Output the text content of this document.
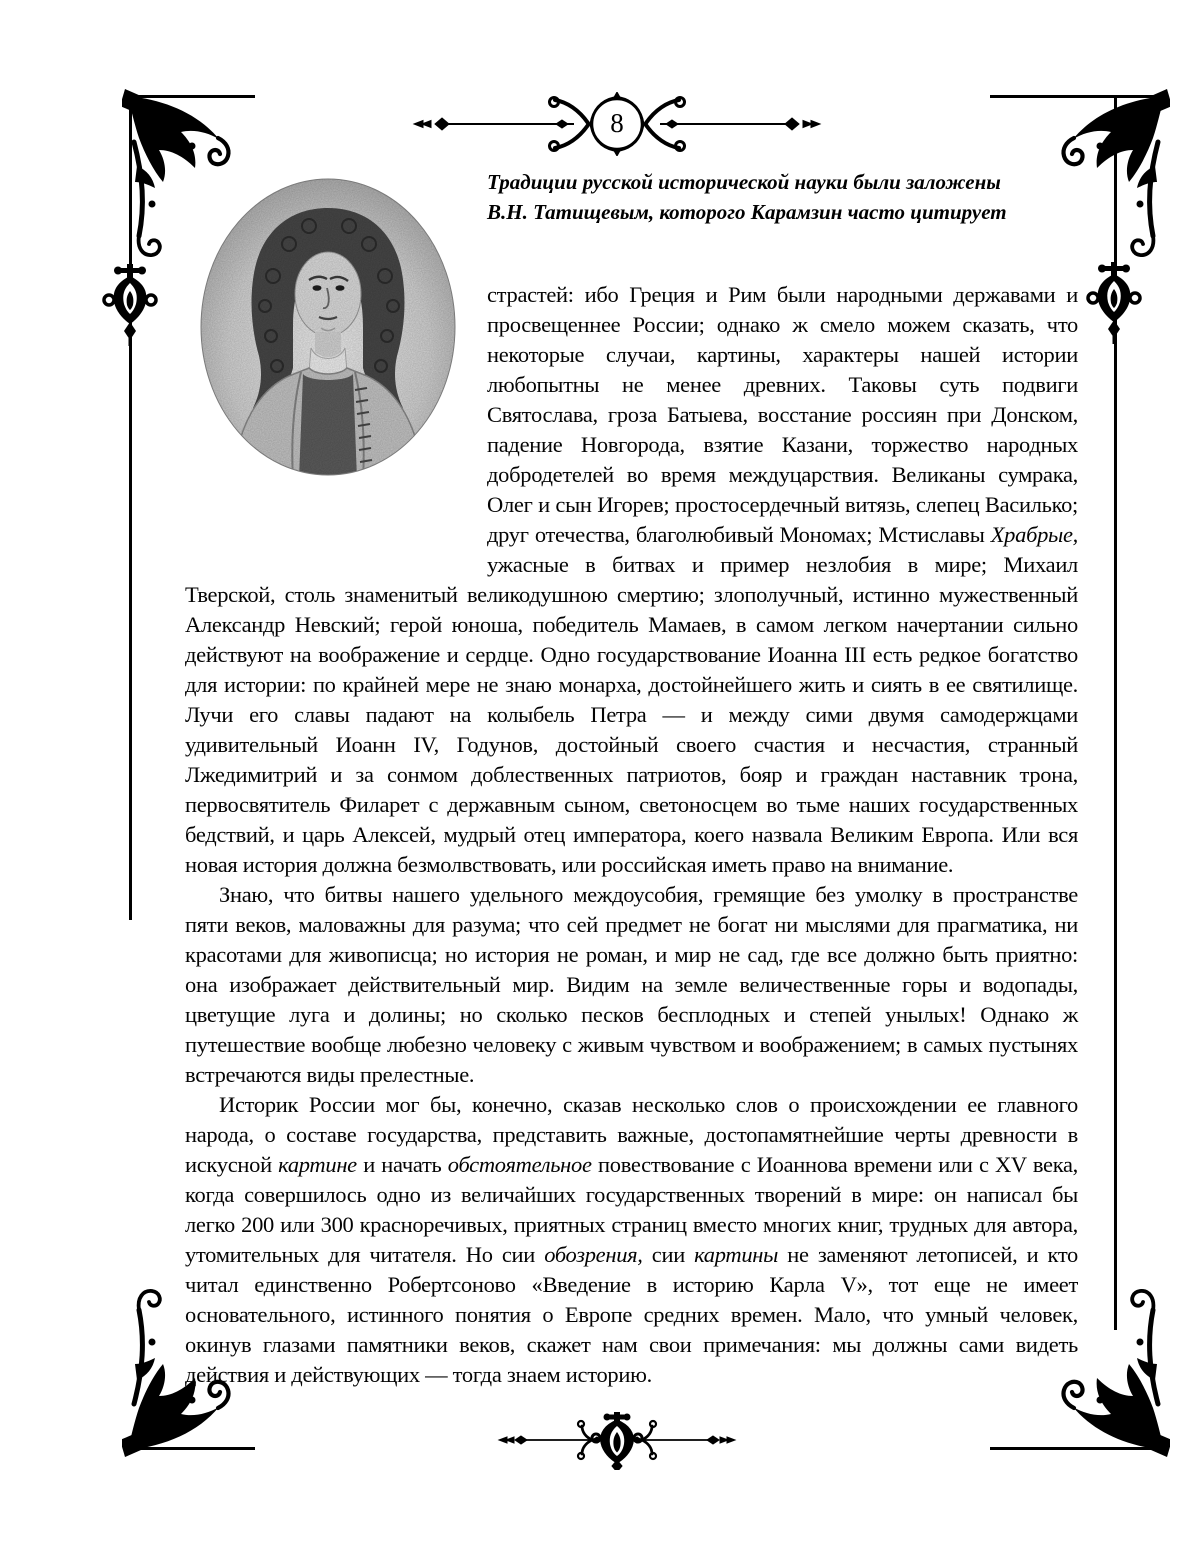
8
Традиции русской исторической науки были заложены
В.Н. Татищевым, которого Карамзин часто цитирует

страстей: ибо Греция и Рим были народными державами и просвещеннее России; однако ж смело можем сказать, что некоторые случаи, картины, характеры нашей истории любопытны не менее древних. Таковы суть подвиги Святослава, гроза Батыева, восстание россиян при Донском, падение Новгорода, взятие Казани, торжество народных добродетелей во время междуцарствия. Великаны сумрака, Олег и сын Игорев; простосердечный витязь, слепец Василько; друг отечества, благолюбивый Мономах; Мстиславы Храбрые, ужасные в битвах и пример незлобия в мире; Михаил Тверской, столь знаменитый великодушною смертию; злополучный, истинно мужественный Александр Невский; герой юноша, победитель Мамаев, в самом легком начертании сильно действуют на воображение и сердце. Одно государствование Иоанна III есть редкое богатство для истории: по крайней мере не знаю монарха, достойнейшего жить и сиять в ее святилище. Лучи его славы падают на колыбель Петра — и между сими двумя самодержцами удивительный Иоанн IV, Годунов, достойный своего счастия и несчастия, странный Лжедимитрий и за сонмом доблественных патриотов, бояр и граждан наставник трона, первосвятитель Филарет с державным сыном, светоносцем во тьме наших государственных бедствий, и царь Алексей, мудрый отец императора, коего назвала Великим Европа. Или вся новая история должна безмолвствовать, или российская иметь право на внимание.

Знаю, что битвы нашего удельного междоусобия, гремящие без умолку в пространстве пяти веков, маловажны для разума; что сей предмет не богат ни мыслями для прагматика, ни красотами для живописца; но история не роман, и мир не сад, где все должно быть приятно: она изображает действительный мир. Видим на земле величественные горы и водопады, цветущие луга и долины; но сколько песков бесплодных и степей унылых! Однако ж путешествие вообще любезно человеку с живым чувством и воображением; в самых пустынях встречаются виды прелестные.

Историк России мог бы, конечно, сказав несколько слов о происхождении ее главного народа, о составе государства, представить важные, достопамятнейшие черты древности в искусной картине и начать обстоятельное повествование с Иоаннова времени или с XV века, когда совершилось одно из величайших государственных творений в мире: он написал бы легко 200 или 300 красноречивых, приятных страниц вместо многих книг, трудных для автора, утомительных для читателя. Но сии обозрения, сии картины не заменяют летописей, и кто читал единственно Робертсоново «Введение в историю Карла V», тот еще не имеет основательного, истинного понятия о Европе средних времен. Мало, что умный человек, окинув глазами памятники веков, скажет нам свои примечания: мы должны сами видеть действия и действующих — тогда знаем историю.
